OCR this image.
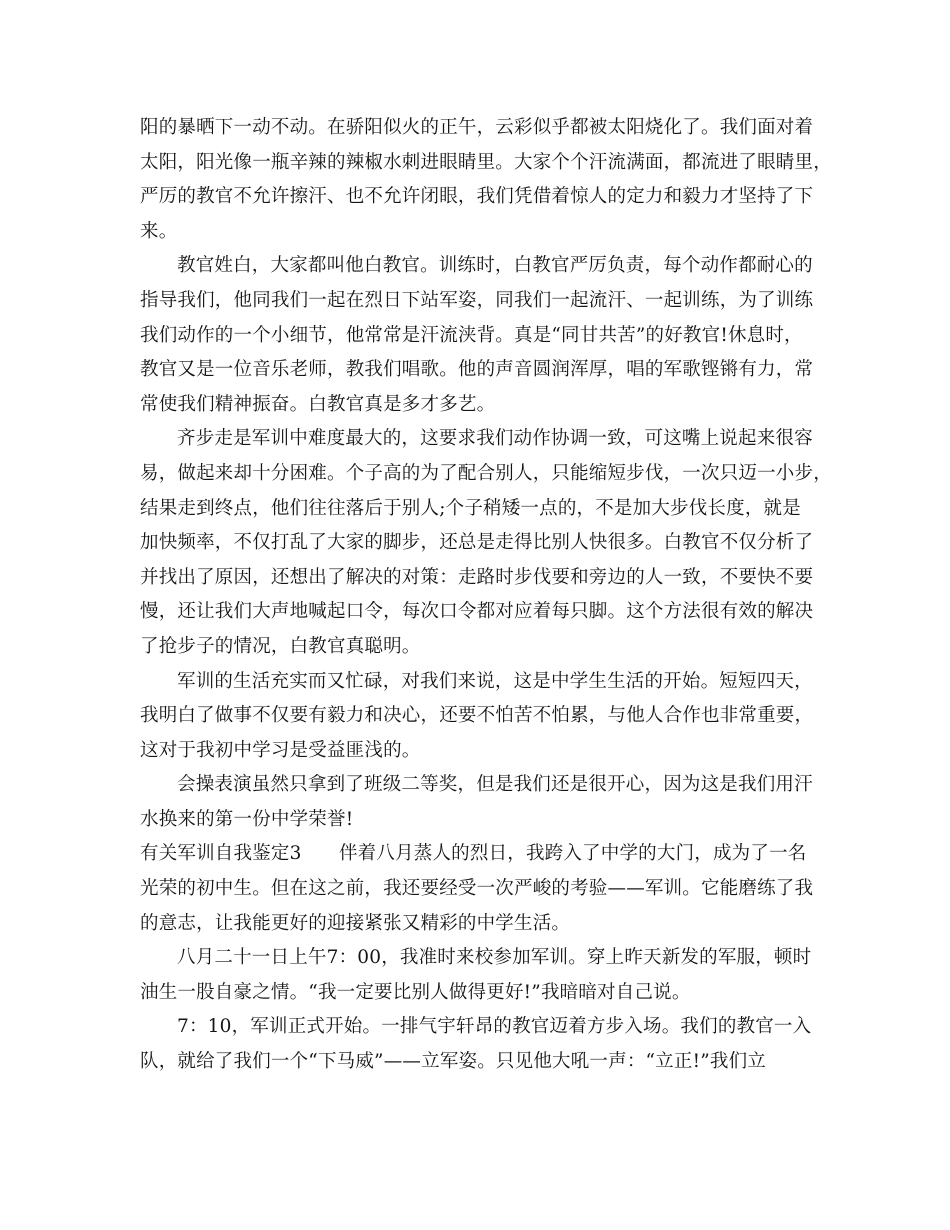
阳的暴晒下一动不动。在骄阳似火的正午，云彩似乎都被太阳烧化了。我们面对着
太阳，阳光像一瓶辛辣的辣椒水刺进眼睛里。大家个个汗流满面，都流进了眼睛里，
严厉的教官不允许擦汗、也不允许闭眼，我们凭借着惊人的定力和毅力才坚持了下
来。
教官姓白，大家都叫他白教官。训练时，白教官严厉负责，每个动作都耐心的
指导我们，他同我们一起在烈日下站军姿，同我们一起流汗、一起训练，为了训练
我们动作的一个小细节，他常常是汗流浃背。真是“同甘共苦”的好教官!休息时，
教官又是一位音乐老师，教我们唱歌。他的声音圆润浑厚，唱的军歌铿锵有力，常
常使我们精神振奋。白教官真是多才多艺。
齐步走是军训中难度最大的，这要求我们动作协调一致，可这嘴上说起来很容
易，做起来却十分困难。个子高的为了配合别人，只能缩短步伐，一次只迈一小步，
结果走到终点，他们往往落后于别人;个子稍矮一点的，不是加大步伐长度，就是
加快频率，不仅打乱了大家的脚步，还总是走得比别人快很多。白教官不仅分析了
并找出了原因，还想出了解决的对策：走路时步伐要和旁边的人一致，不要快不要
慢，还让我们大声地喊起口令，每次口令都对应着每只脚。这个方法很有效的解决
了抢步子的情况，白教官真聪明。
军训的生活充实而又忙碌，对我们来说，这是中学生生活的开始。短短四天，
我明白了做事不仅要有毅力和决心，还要不怕苦不怕累，与他人合作也非常重要，
这对于我初中学习是受益匪浅的。
会操表演虽然只拿到了班级二等奖，但是我们还是很开心，因为这是我们用汗
水换来的第一份中学荣誉!
有关军训自我鉴定3　　伴着八月蒸人的烈日，我跨入了中学的大门，成为了一名
光荣的初中生。但在这之前，我还要经受一次严峻的考验——军训。它能磨练了我
的意志，让我能更好的迎接紧张又精彩的中学生活。
八月二十一日上午7：00，我准时来校参加军训。穿上昨天新发的军服，顿时
油生一股自豪之情。“我一定要比别人做得更好!”我暗暗对自己说。
7：10，军训正式开始。一排气宇轩昂的教官迈着方步入场。我们的教官一入
队，就给了我们一个“下马威”——立军姿。只见他大吼一声：“立正!”我们立
